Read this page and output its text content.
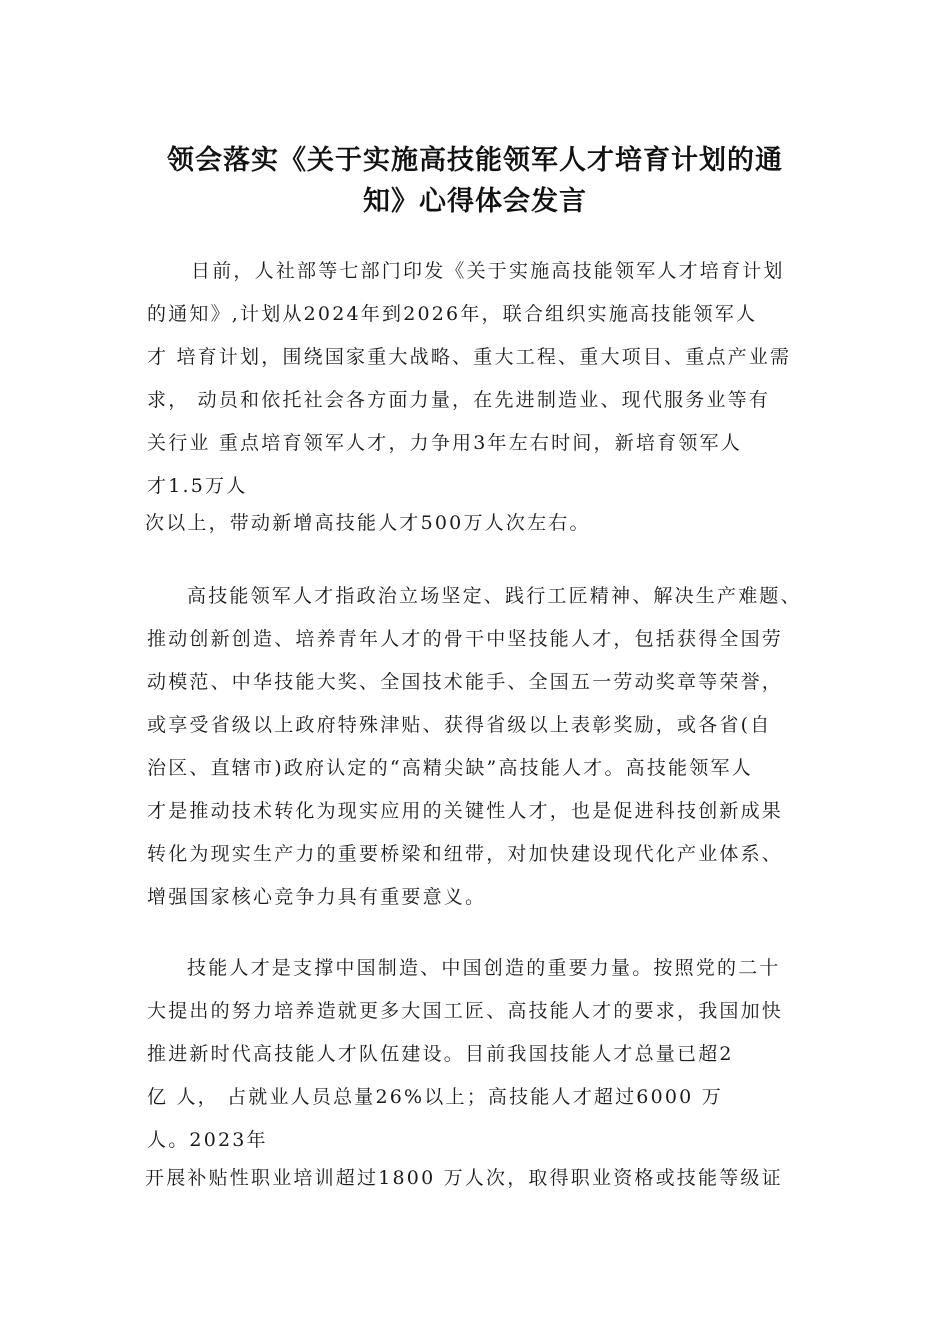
领会落实《关于实施高技能领军人才培育计划的通
知》心得体会发言
日前，人社部等七部门印发《关于实施高技能领军人才培育计划
的通知》,计划从2024年到2026年，联合组织实施高技能领军人
才 培育计划，围绕国家重大战略、重大工程、重大项目、重点产业需
求， 动员和依托社会各方面力量，在先进制造业、现代服务业等有
关行业 重点培育领军人才，力争用3年左右时间，新培育领军人
才1.5万人
次以上，带动新增高技能人才500万人次左右。
高技能领军人才指政治立场坚定、践行工匠精神、解决生产难题、
推动创新创造、培养青年人才的骨干中坚技能人才，包括获得全国劳
动模范、中华技能大奖、全国技术能手、全国五一劳动奖章等荣誉，
或享受省级以上政府特殊津贴、获得省级以上表彰奖励，或各省(自
治区、直辖市)政府认定的“高精尖缺”高技能人才。高技能领军人
才是推动技术转化为现实应用的关键性人才，也是促进科技创新成果
转化为现实生产力的重要桥梁和纽带，对加快建设现代化产业体系、
增强国家核心竞争力具有重要意义。
技能人才是支撑中国制造、中国创造的重要力量。按照党的二十
大提出的努力培养造就更多大国工匠、高技能人才的要求，我国加快
推进新时代高技能人才队伍建设。目前我国技能人才总量已超2
亿 人， 占就业人员总量26%以上；高技能人才超过6000 万
人。2023年
开展补贴性职业培训超过1800 万人次，取得职业资格或技能等级证
